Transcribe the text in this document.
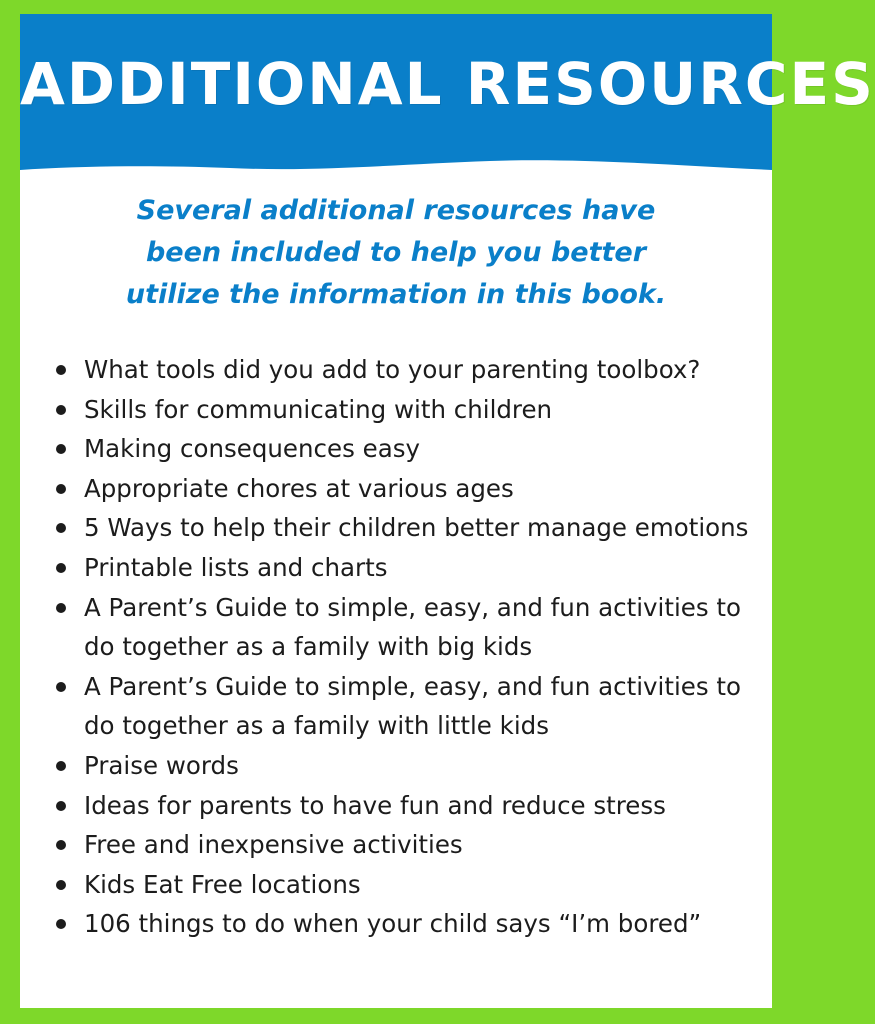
ADDITIONAL RESOURCES
Several additional resources have been included to help you better utilize the information in this book.
What tools did you add to your parenting toolbox?
Skills for communicating with children
Making consequences easy
Appropriate chores at various ages
5 Ways to help their children better manage emotions
Printable lists and charts
A Parent’s Guide to simple, easy, and fun activities to do together as a family with big kids
A Parent’s Guide to simple, easy, and fun activities to do together as a family with little kids
Praise words
Ideas for parents to have fun and reduce stress
Free and inexpensive activities
Kids Eat Free locations
106 things to do when your child says “I’m bored”
